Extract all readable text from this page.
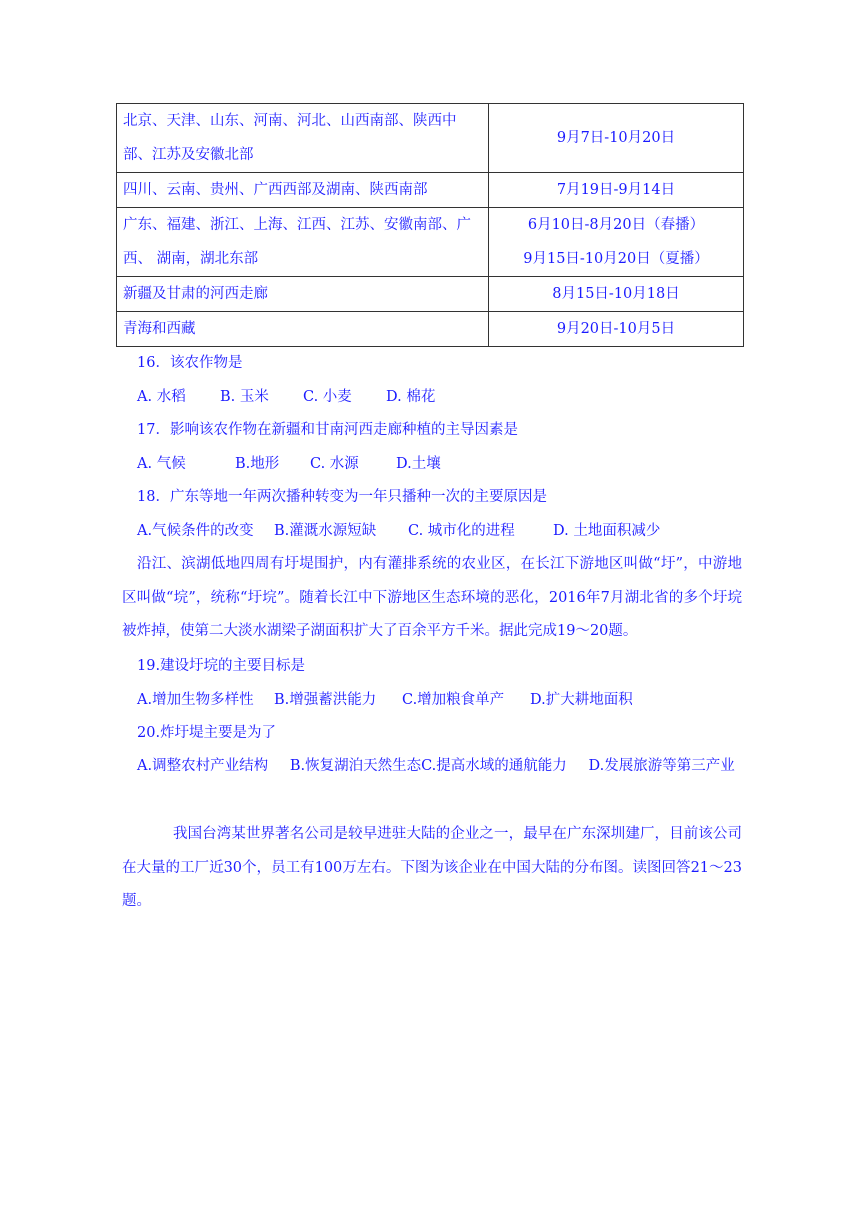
北京、天津、山东、河南、河北、山西南部、陕西中部、江苏及安徽北部	9月7日-10月20日
四川、云南、贵州、广西西部及湖南、陕西南部	7月19日-9月14日
广东、福建、浙江、上海、江西、江苏、安徽南部、广西、 湖南，湖北东部	6月10日-8月20日（春播）
9月15日-10月20日（夏播）

新疆及甘肃的河西走廊	8月15日-10月18日
青海和西藏	9月20日-10月5日
16．该农作物是
A. 水稻 B. 玉米 C. 小麦 D. 棉花
17．影响该农作物在新疆和甘南河西走廊种植的主导因素是
A. 气候	B.地形 C. 水源	D.土壤
18．广东等地一年两次播种转变为一年只播种一次的主要原因是
A.气候条件的改变 B.灌溉水源短缺 C. 城市化的进程	D. 土地面积减少
沿江、滨湖低地四周有圩堤围护，内有灌排系统的农业区，在长江下游地区叫做“圩”，中游地区叫做“垸”，统称“圩垸”。随着长江中下游地区生态环境的恶化，2016年7月湖北省的多个圩垸被炸掉，使第二大淡水湖梁子湖面积扩大了百余平方千米。据此完成19～20题。
19.建设圩垸的主要目标是
A.增加生物多样性 B.增强蓄洪能力 C.增加粮食单产 D.扩大耕地面积
20.炸圩堤主要是为了
A.调整农村产业结构   B.恢复湖泊天然生态C.提高水域的通航能力   D.发展旅游等第三产业
我国台湾某世界著名公司是较早进驻大陆的企业之一，最早在广东深圳建厂，目前该公司在大量的工厂近30个，员工有100万左右。下图为该企业在中国大陆的分布图。读图回答21～23题。
